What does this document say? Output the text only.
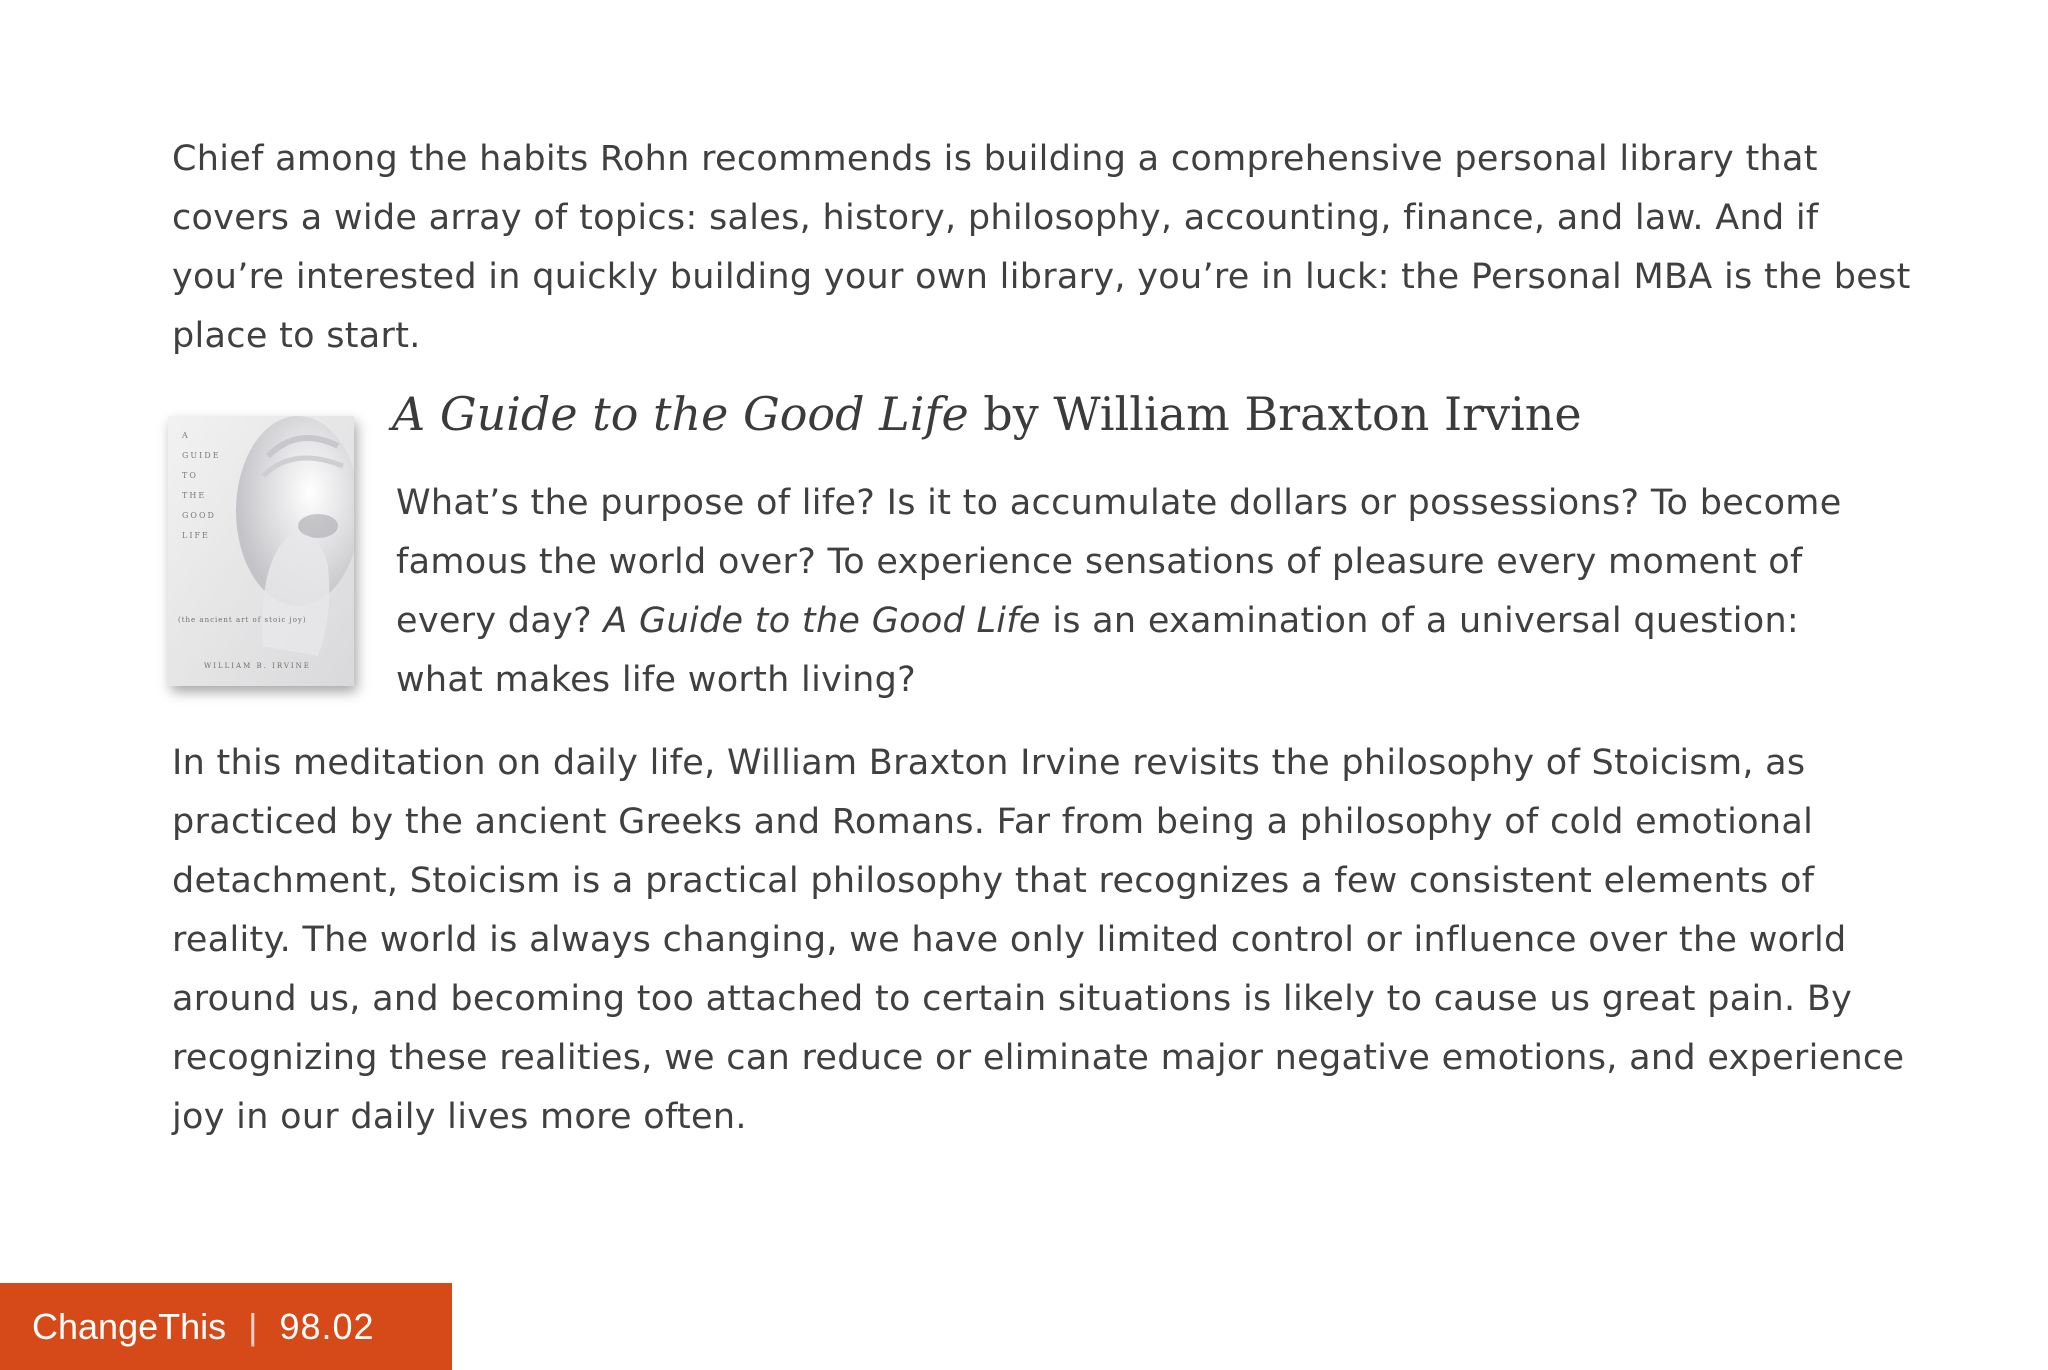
Chief among the habits Rohn recommends is building a comprehensive personal library that covers a wide array of topics: sales, history, philosophy, accounting, finance, and law. And if you’re interested in quickly building your own library, you’re in luck: the Personal MBA is the best place to start.

A
GUIDE
TO
THE
GOOD
LIFE
(the ancient art of stoic joy)
WILLIAM B. IRVINE
A Guide to the Good Life by William Braxton Irvine

What’s the purpose of life? Is it to accumulate dollars or possessions? To become famous the world over? To experience sensations of pleasure every moment of every day? A Guide to the Good Life is an examination of a universal question: what makes life worth living?

In this meditation on daily life, William Braxton Irvine revisits the philosophy of Stoicism, as practiced by the ancient Greeks and Romans. Far from being a philosophy of cold emotional detachment, Stoicism is a practical philosophy that recognizes a few consistent elements of reality. The world is always changing, we have only limited control or influence over the world around us, and becoming too attached to certain situations is likely to cause us great pain. By recognizing these realities, we can reduce or eliminate major negative emotions, and experience joy in our daily lives more often.

ChangeThis | 98.02
